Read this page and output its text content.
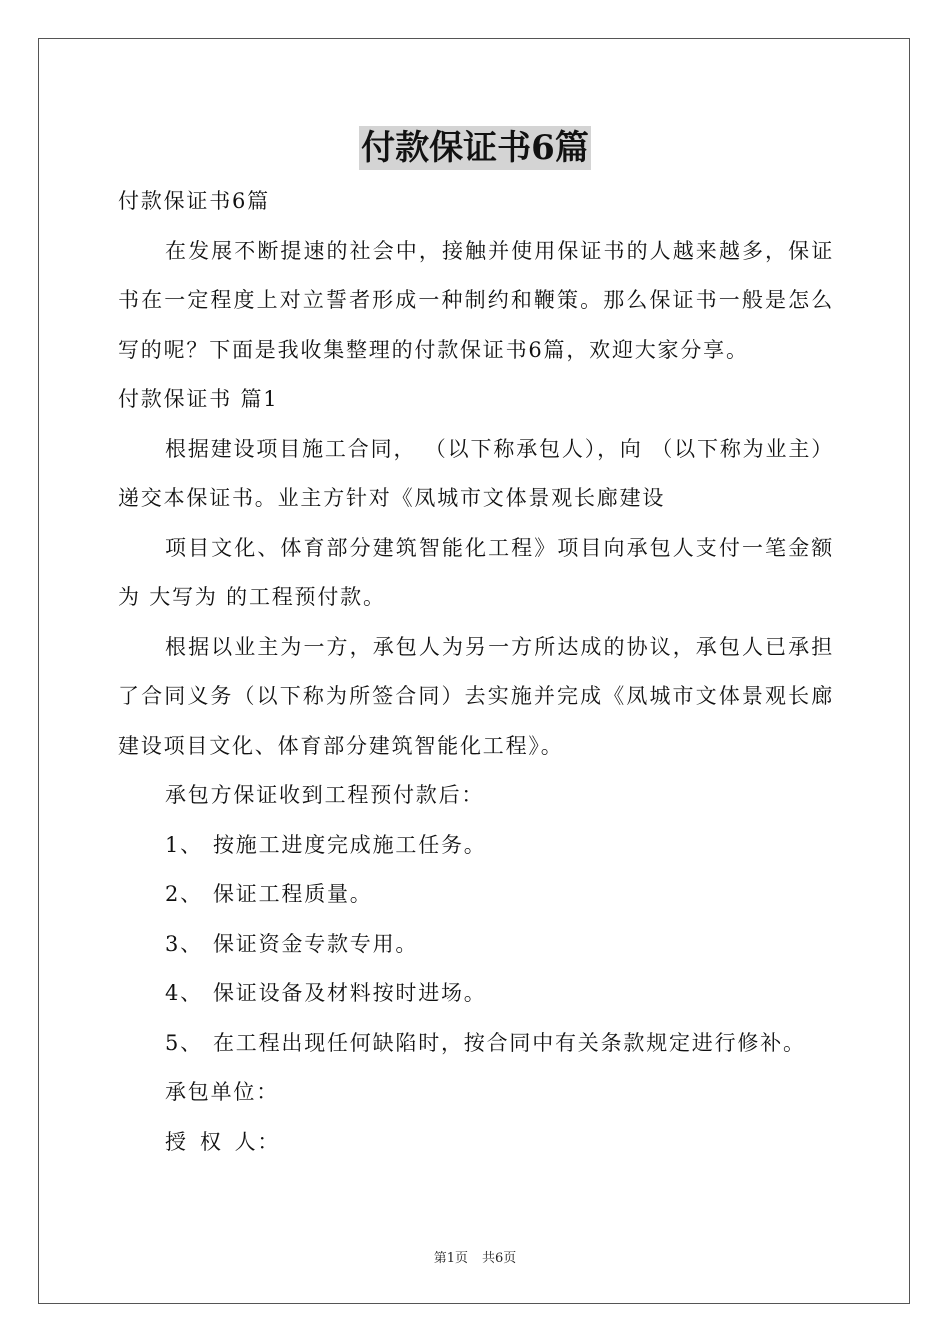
付款保证书6篇

付款保证书6篇

在发展不断提速的社会中，接触并使用保证书的人越来越多，保证书在一定程度上对立誓者形成一种制约和鞭策。那么保证书一般是怎么写的呢？下面是我收集整理的付款保证书6篇，欢迎大家分享。

付款保证书 篇1

根据建设项目施工合同， （以下称承包人），向 （以下称为业主）递交本保证书。业主方针对《凤城市文体景观长廊建设

项目文化、体育部分建筑智能化工程》项目向承包人支付一笔金额为 大写为 的工程预付款。

根据以业主为一方，承包人为另一方所达成的协议，承包人已承担了合同义务（以下称为所签合同）去实施并完成《凤城市文体景观长廊建设项目文化、体育部分建筑智能化工程》。

承包方保证收到工程预付款后：

1、 按施工进度完成施工任务。

2、 保证工程质量。

3、 保证资金专款专用。

4、 保证设备及材料按时进场。

5、 在工程出现任何缺陷时，按合同中有关条款规定进行修补。

承包单位：

授 权 人：

第1页 共6页
